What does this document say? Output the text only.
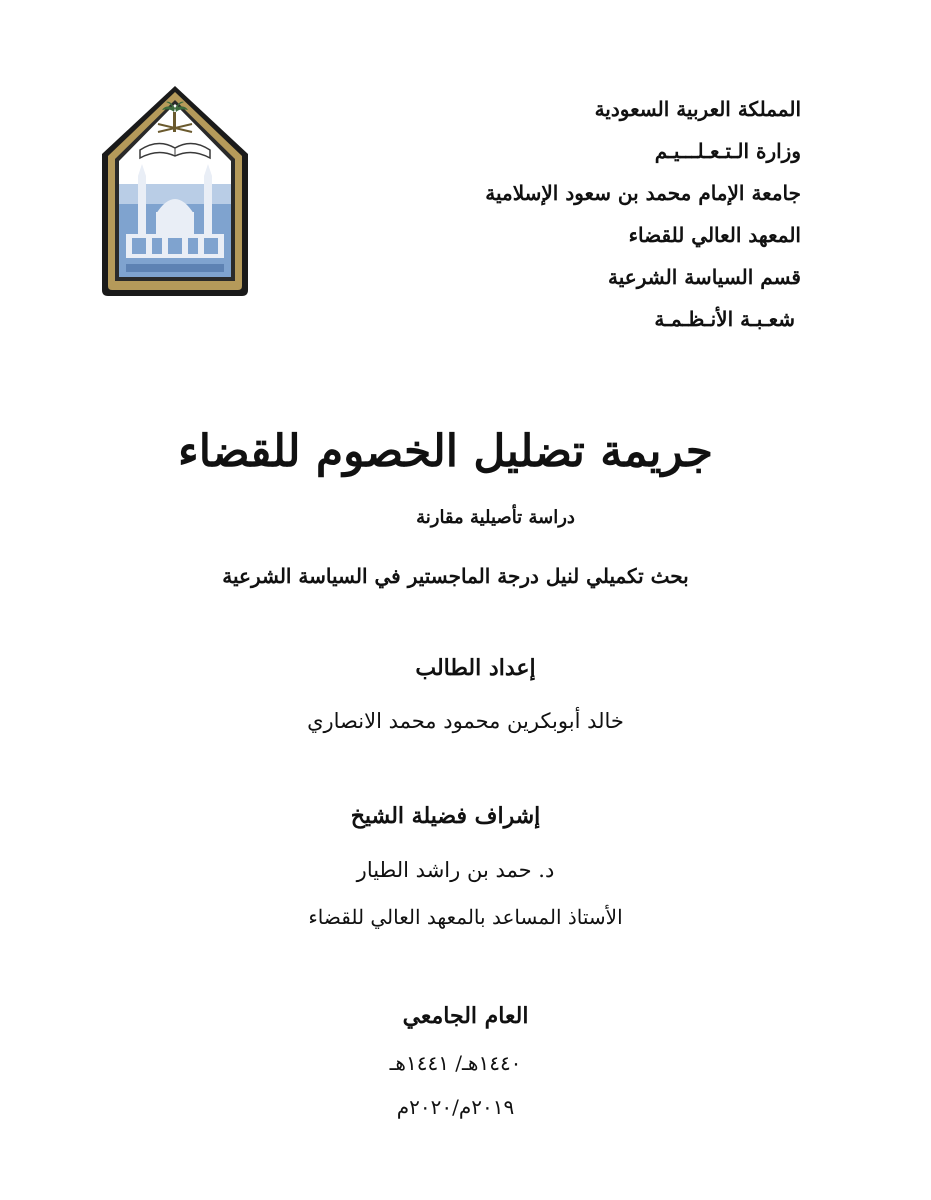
المملكة العربية السعودية
وزارة الـتـعـلـــيـم
جامعة الإمام محمد بن سعود الإسلامية
المعهد العالي للقضاء
قسم السياسة الشرعية
شعـبـة الأنـظـمـة
جريمة تضليل الخصوم للقضاء
دراسة تأصيلية مقارنة
بحث تكميلي لنيل درجة الماجستير في السياسة الشرعية
إعداد الطالب
خالد أبوبكرين محمود محمد الانصاري
إشراف فضيلة الشيخ
د. حمد بن راشد الطيار
الأستاذ المساعد بالمعهد العالي للقضاء
العام الجامعي
١٤٤٠هـ/ ١٤٤١هـ
٢٠١٩م/٢٠٢٠م
